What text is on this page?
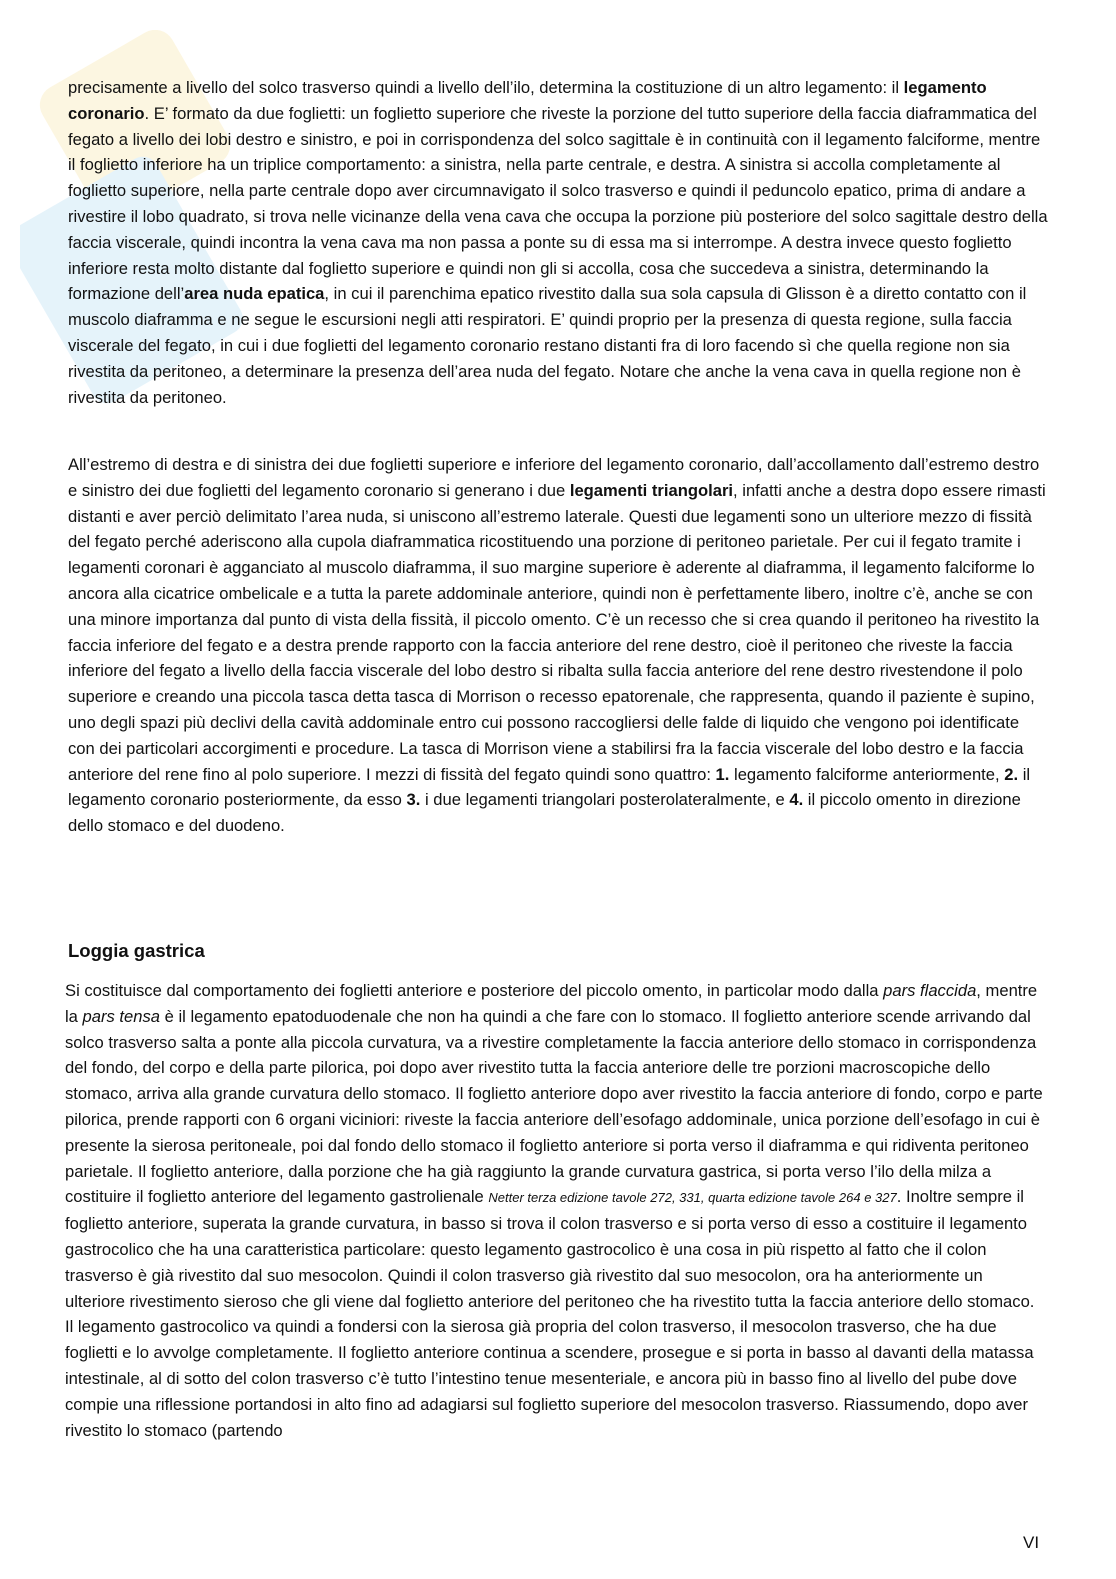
precisamente a livello del solco trasverso quindi a livello dell’ilo, determina la costituzione di un altro legamento: il legamento coronario. E’ formato da due foglietti: un foglietto superiore che riveste la porzione del tutto superiore della faccia diaframmatica del fegato a livello dei lobi destro e sinistro, e poi in corrispondenza del solco sagittale è in continuità con il legamento falciforme, mentre il foglietto inferiore ha un triplice comportamento: a sinistra, nella parte centrale, e destra. A sinistra si accolla completamente al foglietto superiore, nella parte centrale dopo aver circumnavigato il solco trasverso e quindi il peduncolo epatico, prima di andare a rivestire il lobo quadrato, si trova nelle vicinanze della vena cava che occupa la porzione più posteriore del solco sagittale destro della faccia viscerale, quindi incontra la vena cava ma non passa a ponte su di essa ma si interrompe. A destra invece questo foglietto inferiore resta molto distante dal foglietto superiore e quindi non gli si accolla, cosa che succedeva a sinistra, determinando la formazione dell’area nuda epatica, in cui il parenchima epatico rivestito dalla sua sola capsula di Glisson è a diretto contatto con il muscolo diaframma e ne segue le escursioni negli atti respiratori. E’ quindi proprio per la presenza di questa regione, sulla faccia viscerale del fegato, in cui i due foglietti del legamento coronario restano distanti fra di loro facendo sì che quella regione non sia rivestita da peritoneo, a determinare la presenza dell’area nuda del fegato. Notare che anche la vena cava in quella regione non è rivestita da peritoneo.

All’estremo di destra e di sinistra dei due foglietti superiore e inferiore del legamento coronario, dall’accollamento dall’estremo destro e sinistro dei due foglietti del legamento coronario si generano i due legamenti triangolari, infatti anche a destra dopo essere rimasti distanti e aver perciò delimitato l’area nuda, si uniscono all’estremo laterale. Questi due legamenti sono un ulteriore mezzo di fissità del fegato perché aderiscono alla cupola diaframmatica ricostituendo una porzione di peritoneo parietale. Per cui il fegato tramite i legamenti coronari è agganciato al muscolo diaframma, il suo margine superiore è aderente al diaframma, il legamento falciforme lo ancora alla cicatrice ombelicale e a tutta la parete addominale anteriore, quindi non è perfettamente libero, inoltre c’è, anche se con una minore importanza dal punto di vista della fissità, il piccolo omento. C’è un recesso che si crea quando il peritoneo ha rivestito la faccia inferiore del fegato e a destra prende rapporto con la faccia anteriore del rene destro, cioè il peritoneo che riveste la faccia inferiore del fegato a livello della faccia viscerale del lobo destro si ribalta sulla faccia anteriore del rene destro rivestendone il polo superiore e creando una piccola tasca detta tasca di Morrison o recesso epatorenale, che rappresenta, quando il paziente è supino, uno degli spazi più declivi della cavità addominale entro cui possono raccogliersi delle falde di liquido che vengono poi identificate con dei particolari accorgimenti e procedure. La tasca di Morrison viene a stabilirsi fra la faccia viscerale del lobo destro e la faccia anteriore del rene fino al polo superiore. I mezzi di fissità del fegato quindi sono quattro: 1. legamento falciforme anteriormente, 2. il legamento coronario posteriormente, da esso 3. i due legamenti triangolari posterolateralmente, e 4. il piccolo omento in direzione dello stomaco e del duodeno.

Loggia gastrica

Si costituisce dal comportamento dei foglietti anteriore e posteriore del piccolo omento, in particolar modo dalla pars flaccida, mentre la pars tensa è il legamento epatoduodenale che non ha quindi a che fare con lo stomaco. Il foglietto anteriore scende arrivando dal solco trasverso salta a ponte alla piccola curvatura, va a rivestire completamente la faccia anteriore dello stomaco in corrispondenza del fondo, del corpo e della parte pilorica, poi dopo aver rivestito tutta la faccia anteriore delle tre porzioni macroscopiche dello stomaco, arriva alla grande curvatura dello stomaco. Il foglietto anteriore dopo aver rivestito la faccia anteriore di fondo, corpo e parte pilorica, prende rapporti con 6 organi viciniori: riveste la faccia anteriore dell’esofago addominale, unica porzione dell’esofago in cui è presente la sierosa peritoneale, poi dal fondo dello stomaco il foglietto anteriore si porta verso il diaframma e qui ridiventa peritoneo parietale. Il foglietto anteriore, dalla porzione che ha già raggiunto la grande curvatura gastrica, si porta verso l’ilo della milza a costituire il foglietto anteriore del legamento gastrolienale Netter terza edizione tavole 272, 331, quarta edizione tavole 264 e 327. Inoltre sempre il foglietto anteriore, superata la grande curvatura, in basso si trova il colon trasverso e si porta verso di esso a costituire il legamento gastrocolico che ha una caratteristica particolare: questo legamento gastrocolico è una cosa in più rispetto al fatto che il colon trasverso è già rivestito dal suo mesocolon. Quindi il colon trasverso già rivestito dal suo mesocolon, ora ha anteriormente un ulteriore rivestimento sieroso che gli viene dal foglietto anteriore del peritoneo che ha rivestito tutta la faccia anteriore dello stomaco. Il legamento gastrocolico va quindi a fondersi con la sierosa già propria del colon trasverso, il mesocolon trasverso, che ha due foglietti e lo avvolge completamente. Il foglietto anteriore continua a scendere, prosegue e si porta in basso al davanti della matassa intestinale, al di sotto del colon trasverso c’è tutto l’intestino tenue mesenteriale, e ancora più in basso fino al livello del pube dove compie una riflessione portandosi in alto fino ad adagiarsi sul foglietto superiore del mesocolon trasverso. Riassumendo, dopo aver rivestito lo stomaco (partendo

VI
